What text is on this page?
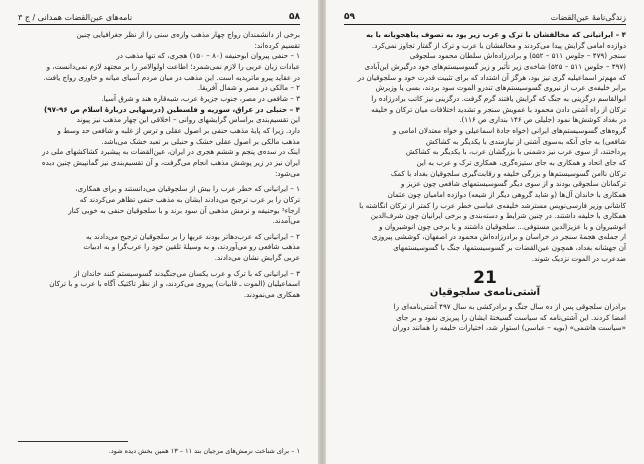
۵۸
نامه‌های عین‌القضات همدانی / ج ۳

برخی از دانشمندان رواج چهار مذهب واره‌ی سنی را از نظر جغرافیایی چنین

تقسیم کرده‌اند:

۱ – حنفی پیروان ابوحنیفه (۸۰ – ۱۵۰) هجری، که تنها مذهب در

عبادات زبان عربی را لازم نمی‌شمرد؛ اطاعت اولوالامر را بر مجتهد لازم نمی‌دانست، و

در عقاید پیرو ماتریدیه است. این مذهب در میان مردم آسیای میانه و خاوری رواج یافت.

۲ – مالکی در مصر و شمال آفریقا.

۳ – شافعی در مصر، جنوب جزیرهٔ عرب، شبه‌قاره هند و شرق آسیا.

۴ – حنبلی در عراق، سوریه و فلسطین (درسهایی دربارهٔ اسلام ص ۹۶-۹۷)

این تقسیم‌بندی براساس گرایشهای روانی – اخلاقی این چهار مذهب نیز پیوند

دارد. زیرا که پایهٔ مذهب حنفی بر اصول عقلی و ترس از غلبه و شافعی حد وسط و

مذهب مالکی بر اصول عقلی خشک و حنبلی بر تعبد خشک می‌باشد.

اینک در سده‌ی پنجم و ششم هجری در ایران، عین‌القضات به پیشبرد کشاکشهای ملی در

ایران نیز در زیر پوشش مذهب انجام می‌گرفت، و آن تقسیم‌بندی نیز گمانپیش چنین دیده

می‌شود:

۱ – ایرانیانی که خطر عرب را بیش از سلجوقیان می‌دانستند و برای همکاری،

ترکان را بر عرب ترجیح می‌دادند ایشان به مذهب حنفی تظاهر می‌کردند که

ارجاء¹ بوحنیفه و نرمش مذهبی آن سود برند و با سلجوقیان حنفی به خوبی کنار

می‌آمدند.

۲ – ایرانیانی که عرب‌دهاتر بودند عربها را بر سلجوقیان ترجیح می‌دادند به

مذهب شافعی رو می‌آوردند، و به وسیلهٔ تلقین خود را عرب‌گرا و به ادبیات

عربی گرایش نشان می‌دادند.

۳ – ایرانیانی که با ترک و عرب یکسان می‌جنگیدند گسوسیستم کنند خاندان از

اسماعیلیان (الموت ـ قابیات) پیروی می‌کردند، و از نظر تاکتیک آگاه با عرب و با ترکان

همکاری می‌نمودند.

۱ – برای شناخت نرمش‌های مرجیان بند ۱۱ – ۱۳ همین بخش دیده شود.
زندگی‌نامهٔ عین‌القضات
۵۹

۴ – ایرانیانی که مخالفشان با ترک و عرب زیر پود به تصوف پناهجویانه با به

دوازده امامی گرایش پیدا می‌کردند و مخالفشان با عرب و ترک از گفتار تجاوز نمی‌کرد.

سنجر (۴۷۹ – جلوس ۵۱۱ – ۵۵۲) و برادرزاده‌اش سلطان محمود سلجوقی

(۴۹۷ – جلوس ۵۱۱ – ۵۲۵) شاخه‌ی زیر تأثیر و زیر گسوسیستم‌های خود درگیرش این‌آبادی

که مهم‌تر اسماعیلیه گری نیز بود، هرگز آن اشتداد که برای تثبیت قدرت خود و سلجوقیان در

برابر خلیفه‌ی عرب از نیروی گسوسیستم‌های تندرو الموت سود بردند، بسی یا وزیرش

ابوالقاسم درگزینی به جنگ که گرایش یافتند گرم گرفت. درگزینی نیز کاتب برادرزاده را

ترکان از راه آشتی دادن محمود با عمویش سنجر و تشدید اختلافات میان ترکان و خلیفه

در بغداد کوشش‌ها نمود (جلیلی ص ۱۴۶ بنداری ص ۱۱۶).

گروه‌های گسوسیستم‌های ایرانی (خواه جادهٔ اسماعیلی و خواه معتدلان امامی و

شافعی) به جای آنکه به‌سوی آشتی از نیازمندی با یکدیگر به کشاکش

پرداختند، از سوی عرب نیز دشمنی با بزرگشان عرب، با یکدیگر به کشاکش

که جای اتحاد و همکاری به جای ستیزه‌گری، همکاری ترک و عرب به این

ترکان ناامن گسوسیستم‌ها و بزرگی خلیفه و رقابت‌گیری سلجوقیان بغداد با کمک

ترکمانان سلجوقی بودند و از سوی دیگر گسوسیستمهای شافعی چون عزیز و

همکاری با خاندان آل‌ها (و شاید گروهی دیگر از شیعه) دوازده امامیان چون عثمان

کاشانی وزیر فارسی‌نویس مسترشد خلیفه‌ی عباسی خطر عرب را کمتر از ترکان انگاشته با

همکاری با خلیفه داشتند. در چنین شرایط و دسته‌بندی و برخی ایرانیان چون شرف‌الدین

انوشیروان و یا عزیزالدین مستوفی... سلجوقیان داشتند و یا برخی چون انوشیروان و

ار جمله‌ی هجمهٔ سنجر در خراسان و برادرزاده‌اش محمود در اصفهان، کوششی پیروزی

آن جهشانه بغداد، همچون عین‌القضات بر گسوسیستمها، جنگ با گسوسیستمهای

ضدعرب در الموت نزدیک شوند.

21
آشتی‌نامه‌ی سلجوقیان

برادران سلجوقی پس از ده سال جنگ و برادرکشی به سال ۴۹۷ آشتی‌نامه‌ای را

امضا کردند. این آشتی‌نامه که سیاست گسیختهٔ ایشان را پیریزی نمود و بر جای

«سیاست هاشمی» (بویه – عباسی) استوار شد، اختیارات خلیفه را همانند دوران
